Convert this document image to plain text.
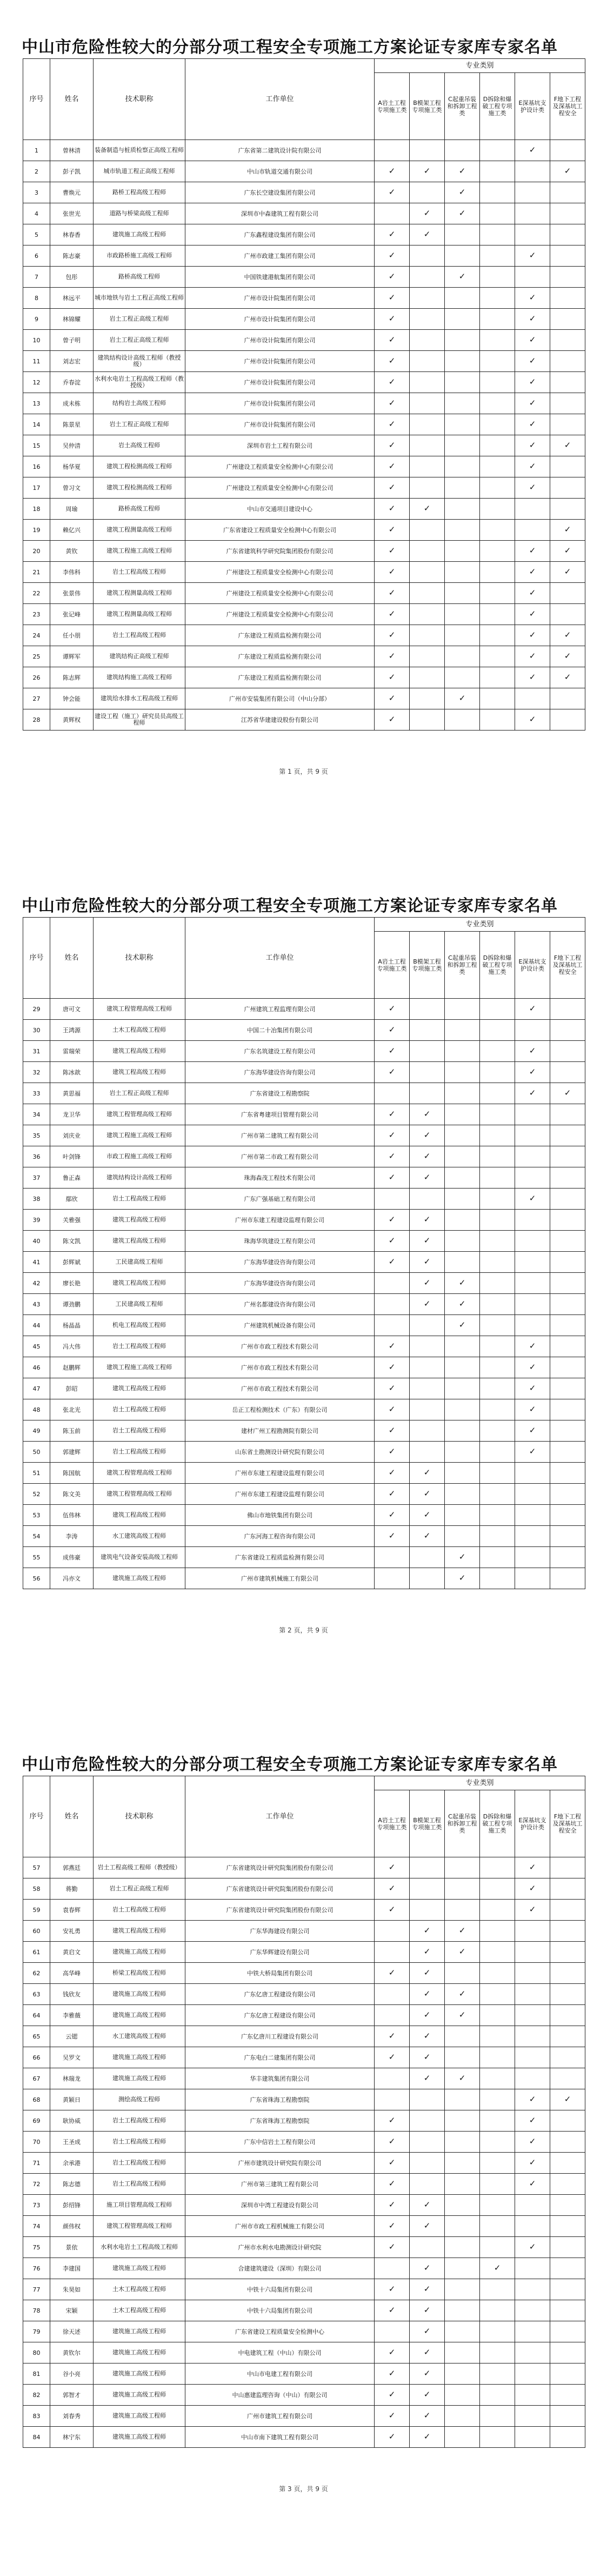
中山市危险性较大的分部分项工程安全专项施工方案论证专家库专家名单
序号	姓名	技术职称	工作单位	专业类别					
				A岩土工程专项施工类	B模架工程专项施工类	C起重吊装和拆卸工程类	D拆除和爆破工程专项施工类	E深基坑支护设计类	F地下工程及深基坑工程安全
1	曾林清	装备制造与桩质检察正高级工程师	广东省第二建筑设计院有限公司					✓	
2	彭子凯	城市轨道工程正高级工程师	中山市轨道交通有限公司	✓	✓	✓			✓
3	曹焕元	路桥工程高级工程师	广东长空建设集团有限公司	✓		✓			
4	张世光	道路与桥梁高级工程师	深圳市中森建筑工程有限公司		✓	✓			
5	林春香	建筑施工高级工程师	广东鑫程建设集团有限公司	✓	✓				
6	陈志豪	市政路桥施工高级工程师	广州市政建工集团有限公司	✓				✓	
7	包彤	路桥高级工程师	中国铁建港航集团有限公司	✓		✓			
8	林远平	城市地铁与岩土工程正高级工程师	广州市设计院集团有限公司	✓				✓	
9	林锦耀	岩土工程正高级工程师	广州市设计院集团有限公司	✓				✓	
10	曾子明	岩土工程正高级工程师	广州市设计院集团有限公司	✓				✓	
11	刘志宏	建筑结构设计高级工程师（教授级）	广州市设计院集团有限公司	✓				✓	
12	乔春淀	水利水电岩土工程高级工程师（教授级）	广州市设计院集团有限公司	✓				✓	
13	成未栋	结构岩土高级工程师	广州市设计院集团有限公司	✓				✓	
14	陈景星	岩土工程正高级工程师	广州市设计院集团有限公司	✓				✓	
15	吴仲清	岩土高级工程师	深圳市岩土工程有限公司	✓				✓	✓
16	杨华夏	建筑工程检测高级工程师	广州建设工程质量安全检测中心有限公司	✓				✓	
17	曾习文	建筑工程检测高级工程师	广州建设工程质量安全检测中心有限公司	✓				✓	
18	周瑜	路桥高级工程师	中山市交通项目建设中心	✓	✓				
19	赖亿兴	建筑工程测量高级工程师	广东省建设工程质量安全检测中心有限公司	✓					✓
20	黄钦	建筑工程施工高级工程师	广东省建筑科学研究院集团股份有限公司	✓				✓	✓
21	李伟科	岩土工程高级工程师	广州建设工程质量安全检测中心有限公司	✓				✓	✓
22	张景伟	建筑工程测量高级工程师	广州建设工程质量安全检测中心有限公司	✓				✓	
23	张记峰	建筑工程测量高级工程师	广州建设工程质量安全检测中心有限公司	✓				✓	
24	任小朋	岩土工程高级工程师	广东建设工程质监检测有限公司	✓				✓	✓
25	谭辉军	建筑结构正高级工程师	广东建设工程质监检测有限公司	✓				✓	✓
26	陈志辉	建筑结构施工高级工程师	广东建设工程质监检测有限公司	✓				✓	✓
27	钟会能	建筑给水排水工程高级工程师	广州市安装集团有限公司（中山分部）	✓		✓			
28	黄辉权	建设工程（施工）研究员员高级工程师	江苏省华建建设股份有限公司	✓				✓	
第 1 页，共 9 页
中山市危险性较大的分部分项工程安全专项施工方案论证专家库专家名单
序号	姓名	技术职称	工作单位	专业类别					
				A岩土工程专项施工类	B模架工程专项施工类	C起重吊装和拆卸工程类	D拆除和爆破工程专项施工类	E深基坑支护设计类	F地下工程及深基坑工程安全
29	唐可文	建筑工程管理高级工程师	广州建筑工程监理有限公司	✓				✓	
30	王鸿源	土木工程高级工程师	中国二十冶集团有限公司	✓					
31	雷瑞荣	建筑工程高级工程师	广东名筑建设工程有限公司	✓				✓	
32	陈冰歆	建筑工程高级工程师	广东海华建设咨询有限公司	✓				✓	
33	黄思福	岩土工程正高级工程师	广东省建设工程勘察院					✓	✓
34	龙卫华	建筑工程管理高级工程师	广东省粤建项目管理有限公司	✓	✓				
35	刘庆业	建筑工程施工高级工程师	广州市第二建筑工程有限公司	✓	✓				
36	叶剑锋	市政工程施工高级工程师	广州市第二市政工程有限公司	✓	✓				
37	鲁正森	建筑结构设计高级工程师	珠海森茂工程技术有限公司	✓	✓				
38	鄢欣	岩土工程高级工程师	广东广强基础工程有限公司					✓	
39	关雅强	建筑工程高级工程师	广州市东建工程建设监理有限公司	✓	✓				
40	陈文凯	建筑工程高级工程师	珠海华筑建设工程有限公司	✓	✓				
41	彭辉斌	工民建高级工程师	广东海华建设咨询有限公司	✓	✓				
42	廖长艳	建筑工程高级工程师	广东海华建设咨询有限公司		✓	✓			
43	谭劲鹏	工民建高级工程师	广州名都建设咨询有限公司		✓	✓			
44	杨晶晶	机电工程高级工程师	广州建筑机械设备有限公司			✓			
45	冯大伟	岩土工程高级工程师	广州市市政工程技术有限公司	✓				✓	
46	赵鹏辉	建筑工程施工高级工程师	广州市市政工程技术有限公司	✓				✓	
47	彭昭	建筑工程高级工程师	广州市市政工程技术有限公司	✓				✓	
48	张北光	岩土工程高级工程师	岳正工程检测技术（广东）有限公司	✓				✓	
49	陈玉前	岩土工程高级工程师	建材广州工程勘测院有限公司	✓				✓	
50	郭建辉	岩土工程高级工程师	山东省土勘测设计研究院有限公司	✓				✓	
51	陈国航	建筑工程管理高级工程师	广州市东建工程建设监理有限公司	✓	✓				
52	陈文美	建筑工程管理高级工程师	广州市东建工程建设监理有限公司	✓	✓				
53	伍伟林	建筑工程高级工程师	佛山市地铁集团有限公司	✓	✓				
54	李涛	水工建筑高级工程师	广东河海工程咨询有限公司	✓	✓				
55	成伟豪	建筑电气设备安装高级工程师	广东省建设工程质监检测有限公司			✓			
56	冯亦文	建筑施工高级工程师	广州市建筑机械施工有限公司			✓			
第 2 页，共 9 页
中山市危险性较大的分部分项工程安全专项施工方案论证专家库专家名单
序号	姓名	技术职称	工作单位	专业类别					
				A岩土工程专项施工类	B模架工程专项施工类	C起重吊装和拆卸工程类	D拆除和爆破工程专项施工类	E深基坑支护设计类	F地下工程及深基坑工程安全
57	郭燕廷	岩土工程高级工程师（教授级）	广东省建筑设计研究院集团股份有限公司	✓				✓	
58	蒋勤	岩土工程正高级工程师	广东省建筑设计研究院集团股份有限公司	✓				✓	
59	袁春辉	岩土工程高级工程师	广东省建筑设计研究院集团股份有限公司	✓				✓	
60	安礼勇	建筑工程高级工程师	广东华海建设有限公司		✓	✓			
61	黄启文	建筑施工高级工程师	广东华辉建设有限公司		✓	✓			
62	高华峰	桥梁工程高级工程师	中铁大桥局集团有限公司	✓	✓				
63	钱欣友	建筑施工高级工程师	广东亿唐工程建设有限公司		✓	✓			
64	李雅薇	建筑施工高级工程师	广东亿唐工程建设有限公司		✓	✓			
65	云锶	水工建筑高级工程师	广东亿唐川工程建设有限公司	✓	✓				
66	吴罗文	建筑施工高级工程师	广东电白二建集团有限公司	✓	✓				
67	林瑞龙	建筑施工高级工程师	华丰建筑集团有限公司		✓	✓			
68	黄颖日	测绘高级工程师	广东省珠海工程勘察院					✓	✓
69	耿协威	岩土工程高级工程师	广东省珠海工程勘察院	✓				✓	
70	王圣成	岩土工程高级工程师	广东中信岩土工程有限公司	✓				✓	
71	余承港	岩土工程高级工程师	广州市建筑设计研究院有限公司	✓				✓	
72	陈志德	岩土工程高级工程师	广州市第三建筑工程有限公司	✓				✓	
73	彭绍锋	施工项目管理高级工程师	深圳市中湾工程建设有限公司	✓	✓				
74	颜伟权	建筑工程管理高级工程师	广州市市政工程机械施工有限公司	✓	✓				
75	景依	水利水电岩土工程高级工程师	广州市水利水电勘测设计研究院	✓				✓	
76	李建国	建筑施工高级工程师	合建建筑建设（深圳）有限公司		✓		✓		
77	朱昊如	土木工程高级工程师	中铁十六局集团有限公司	✓	✓				
78	宋颖	土木工程高级工程师	中铁十六局集团有限公司	✓	✓				
79	徐天述	建筑施工高级工程师	广东省建设工程质量安全检测中心		✓				
80	黄钦尔	建筑施工高级工程师	中电建筑工程（中山）有限公司	✓	✓				
81	谷小亮	建筑施工高级工程师	中山市电建工程有限公司	✓	✓				
82	郭智才	建筑施工高级工程师	中山惠建监理咨询（中山）有限公司	✓	✓				
83	刘春秀	建筑施工高级工程师	广州市建筑工程有限公司	✓	✓				
84	林宁东	建筑施工高级工程师	中山市南下建筑工程有限公司	✓	✓				
第 3 页，共 9 页
